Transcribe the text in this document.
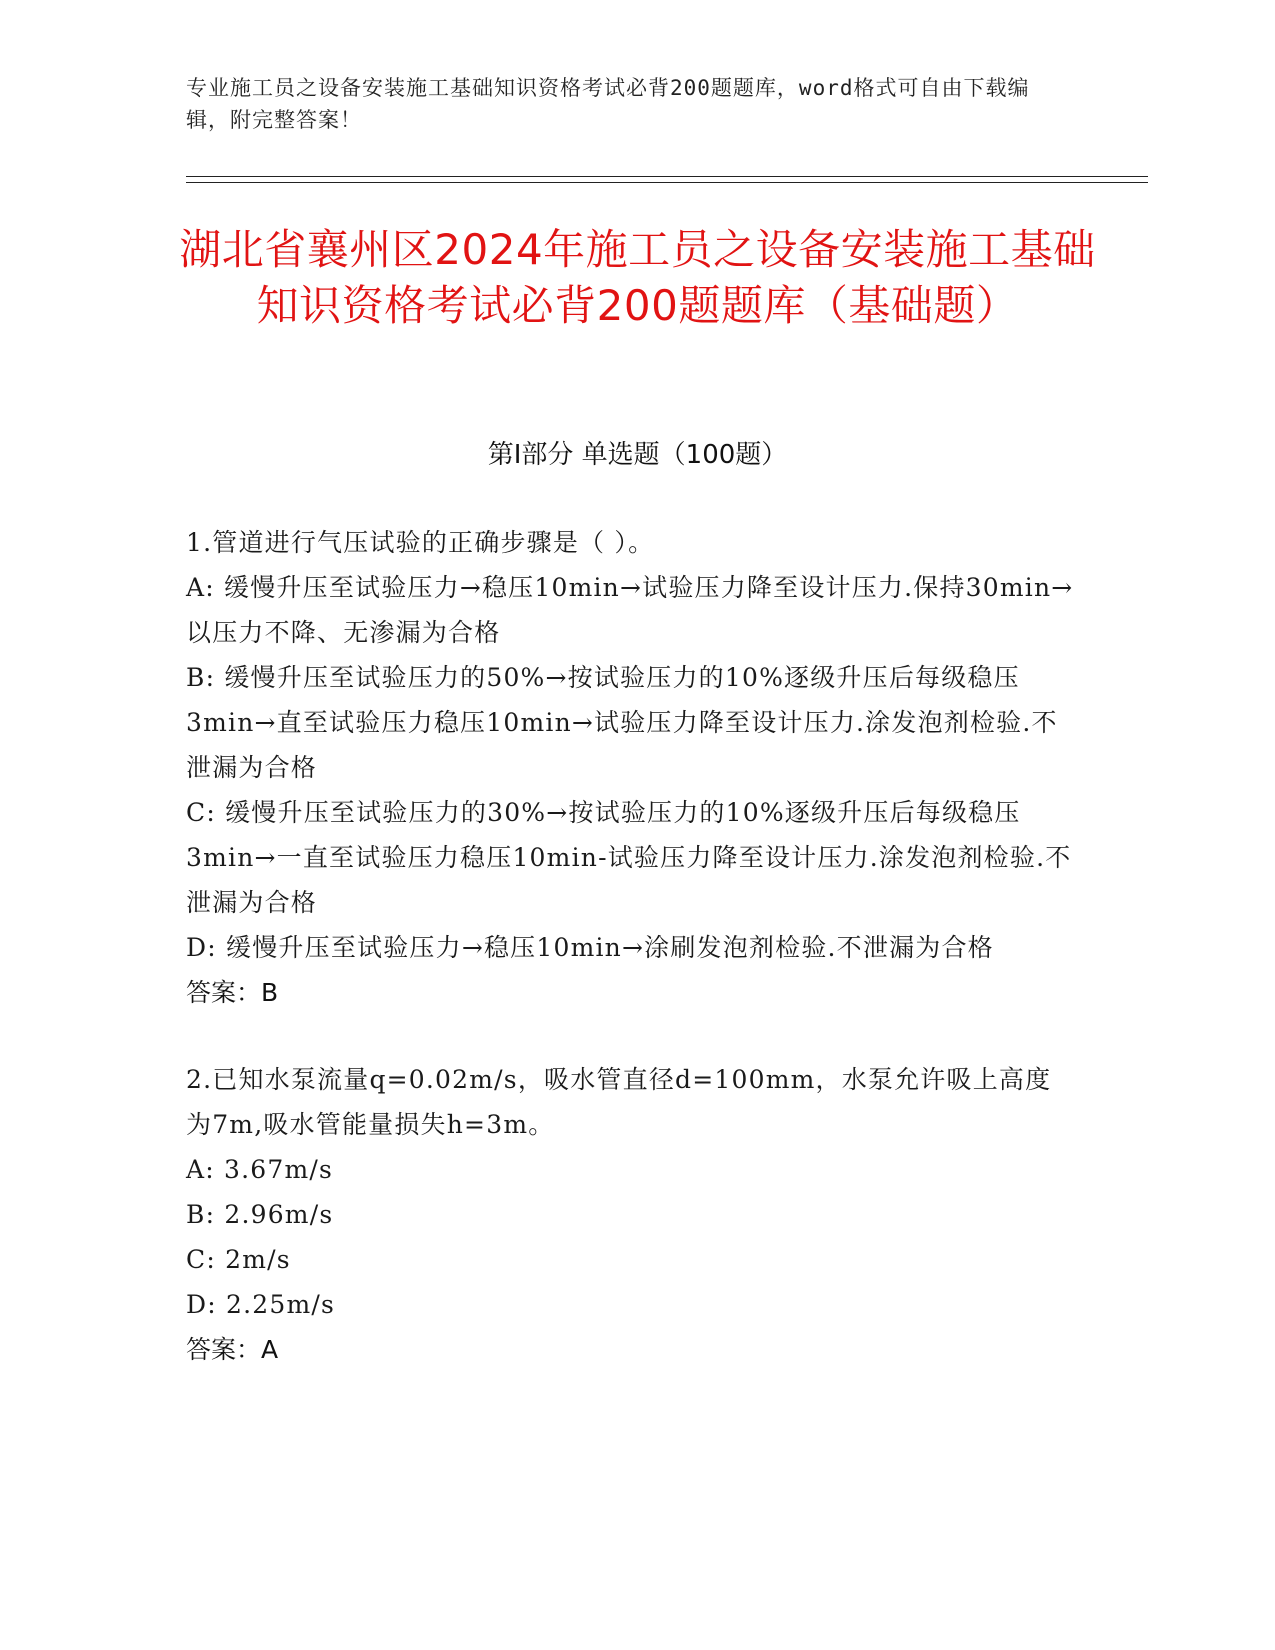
专业施工员之设备安装施工基础知识资格考试必背200题题库，word格式可自由下载编辑，附完整答案！
湖北省襄州区2024年施工员之设备安装施工基础知识资格考试必背200题题库（基础题）
第Ⅰ部分 单选题（100题）

1.管道进行气压试验的正确步骤是（ ）。

A: 缓慢升压至试验压力→稳压10min→试验压力降至设计压力.保持30min→以压力不降、无渗漏为合格

B: 缓慢升压至试验压力的50%→按试验压力的10%逐级升压后每级稳压3min→直至试验压力稳压10min→试验压力降至设计压力.涂发泡剂检验.不泄漏为合格

C: 缓慢升压至试验压力的30%→按试验压力的10%逐级升压后每级稳压3min→一直至试验压力稳压10min-试验压力降至设计压力.涂发泡剂检验.不泄漏为合格

D: 缓慢升压至试验压力→稳压10min→涂刷发泡剂检验.不泄漏为合格

答案：B

2.已知水泵流量q=0.02m/s，吸水管直径d=100mm，水泵允许吸上高度为7m,吸水管能量损失h=3m。

A: 3.67m/s

B: 2.96m/s

C: 2m/s

D: 2.25m/s

答案：A
